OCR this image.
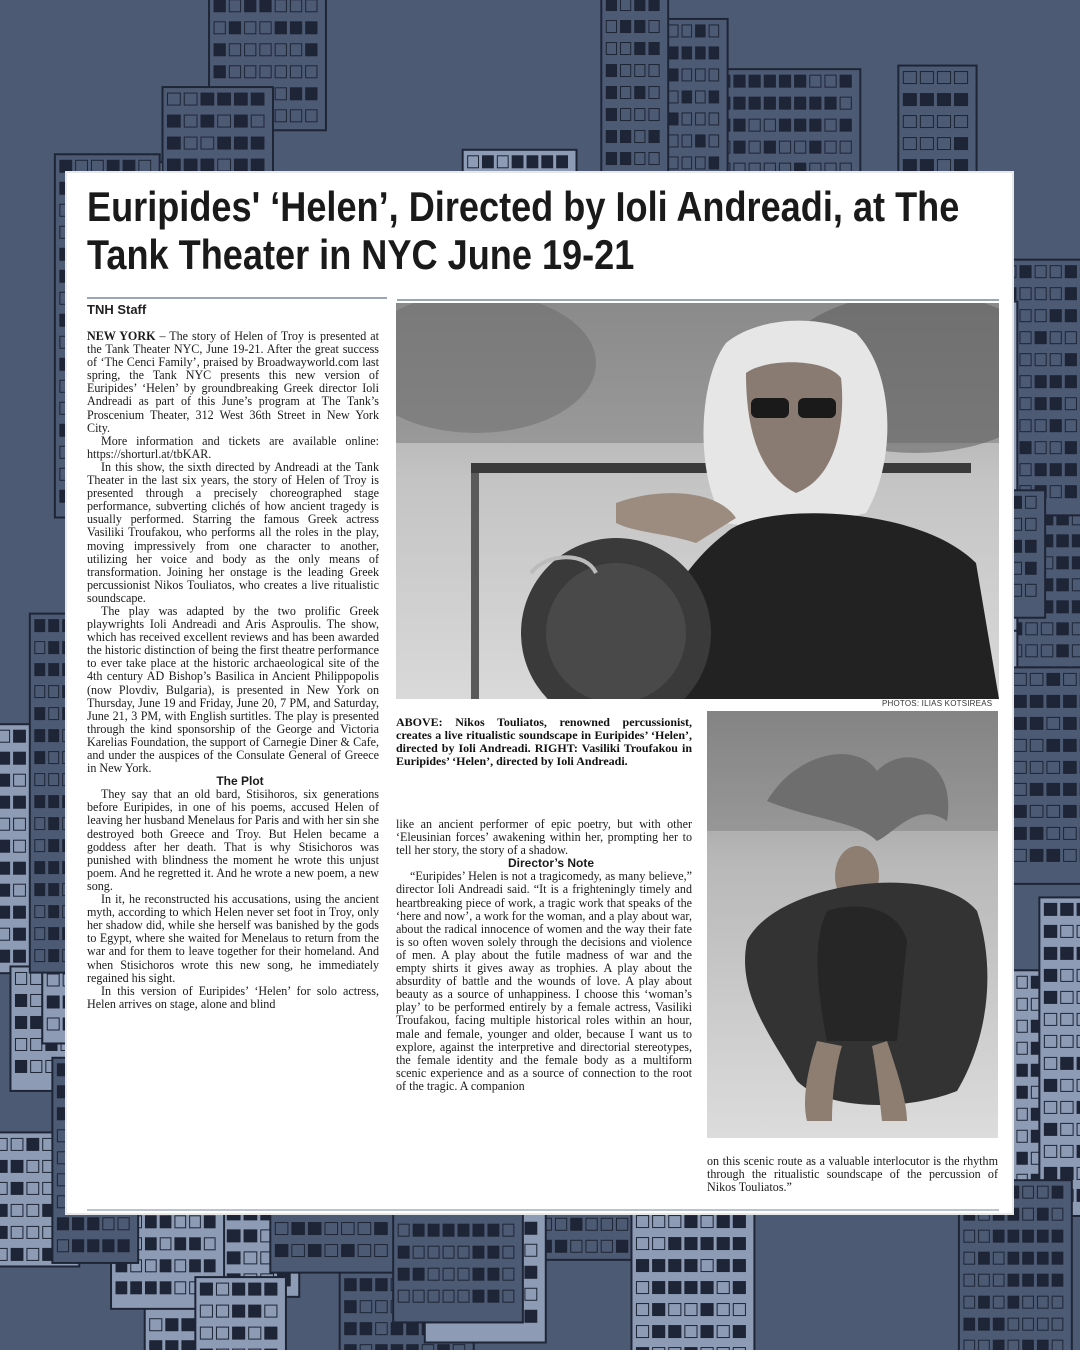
Euripides' ‘Helen’, Directed by Ioli Andreadi, at The Tank Theater in NYC June 19-21
TNH Staff

NEW YORK – The story of Helen of Troy is presented at the Tank Theater NYC, June 19-21. After the great success of ‘The Cenci Family’, praised by Broadwayworld.com last spring, the Tank NYC presents this new version of Euripides’ ‘Helen’ by groundbreaking Greek director Ioli Andreadi as part of this June’s program at The Tank’s Proscenium Theater, 312 West 36th Street in New York City.

More information and tickets are available online: https://shorturl.at/tbKAR.

In this show, the sixth directed by Andreadi at the Tank Theater in the last six years, the story of Helen of Troy is presented through a precisely choreographed stage performance, subverting clichés of how ancient tragedy is usually performed. Starring the famous Greek actress Vasiliki Troufakou, who performs all the roles in the play, moving impressively from one character to another, utilizing her voice and body as the only means of transformation. Joining her onstage is the leading Greek percussionist Nikos Touliatos, who creates a live ritualistic soundscape.

The play was adapted by the two prolific Greek playwrights Ioli Andreadi and Aris Asproulis. The show, which has received excellent reviews and has been awarded the historic distinction of being the first theatre performance to ever take place at the historic archaeological site of the 4th century AD Bishop’s Basilica in Ancient Philippopolis (now Plovdiv, Bulgaria), is presented in New York on Thursday, June 19 and Friday, June 20, 7 PM, and Saturday, June 21, 3 PM, with English surtitles. The play is presented through the kind sponsorship of the George and Victoria Karelias Foundation, the support of Carnegie Diner & Cafe, and under the auspices of the Consulate General of Greece in New York.

The Plot

They say that an old bard, Stisihoros, six generations before Euripides, in one of his poems, accused Helen of leaving her husband Menelaus for Paris and with her sin she destroyed both Greece and Troy. But Helen became a goddess after her death. That is why Stisichoros was punished with blindness the moment he wrote this unjust poem. And he regretted it. And he wrote a new poem, a new song.

In it, he reconstructed his accusations, using the ancient myth, according to which Helen never set foot in Troy, only her shadow did, while she herself was banished by the gods to Egypt, where she waited for Menelaus to return from the war and for them to leave together for their homeland. And when Stisichoros wrote this new song, he immediately regained his sight.

In this version of Euripides’ ‘Helen’ for solo actress, Helen arrives on stage, alone and blind

PHOTOS: ILIAS KOTSIREAS
ABOVE: Nikos Touliatos, renowned percussionist, creates a live ritualistic soundscape in Euripides’ ‘Helen’, directed by Ioli Andreadi. RIGHT: Vasiliki Troufakou in Euripides’ ‘Helen’, directed by Ioli Andreadi.

like an ancient performer of epic poetry, but with other ‘Eleusinian forces’ awakening within her, prompting her to tell her story, the story of a shadow.

Director’s Note

“Euripides’ Helen is not a tragicomedy, as many believe,” director Ioli Andreadi said. “It is a frighteningly timely and heartbreaking piece of work, a tragic work that speaks of the ‘here and now’, a work for the woman, and a play about war, about the radical innocence of women and the way their fate is so often woven solely through the decisions and violence of men. A play about the futile madness of war and the empty shirts it gives away as trophies. A play about the absurdity of battle and the wounds of love. A play about beauty as a source of unhappiness. I choose this ‘woman’s play’ to be performed entirely by a female actress, Vasiliki Troufakou, facing multiple historical roles within an hour, male and female, younger and older, because I want us to explore, against the interpretive and directorial stereotypes, the female identity and the female body as a multiform scenic experience and as a source of connection to the root of the tragic. A companion

on this scenic route as a valuable interlocutor is the rhythm through the ritualistic soundscape of the percussion of Nikos Touliatos.”
